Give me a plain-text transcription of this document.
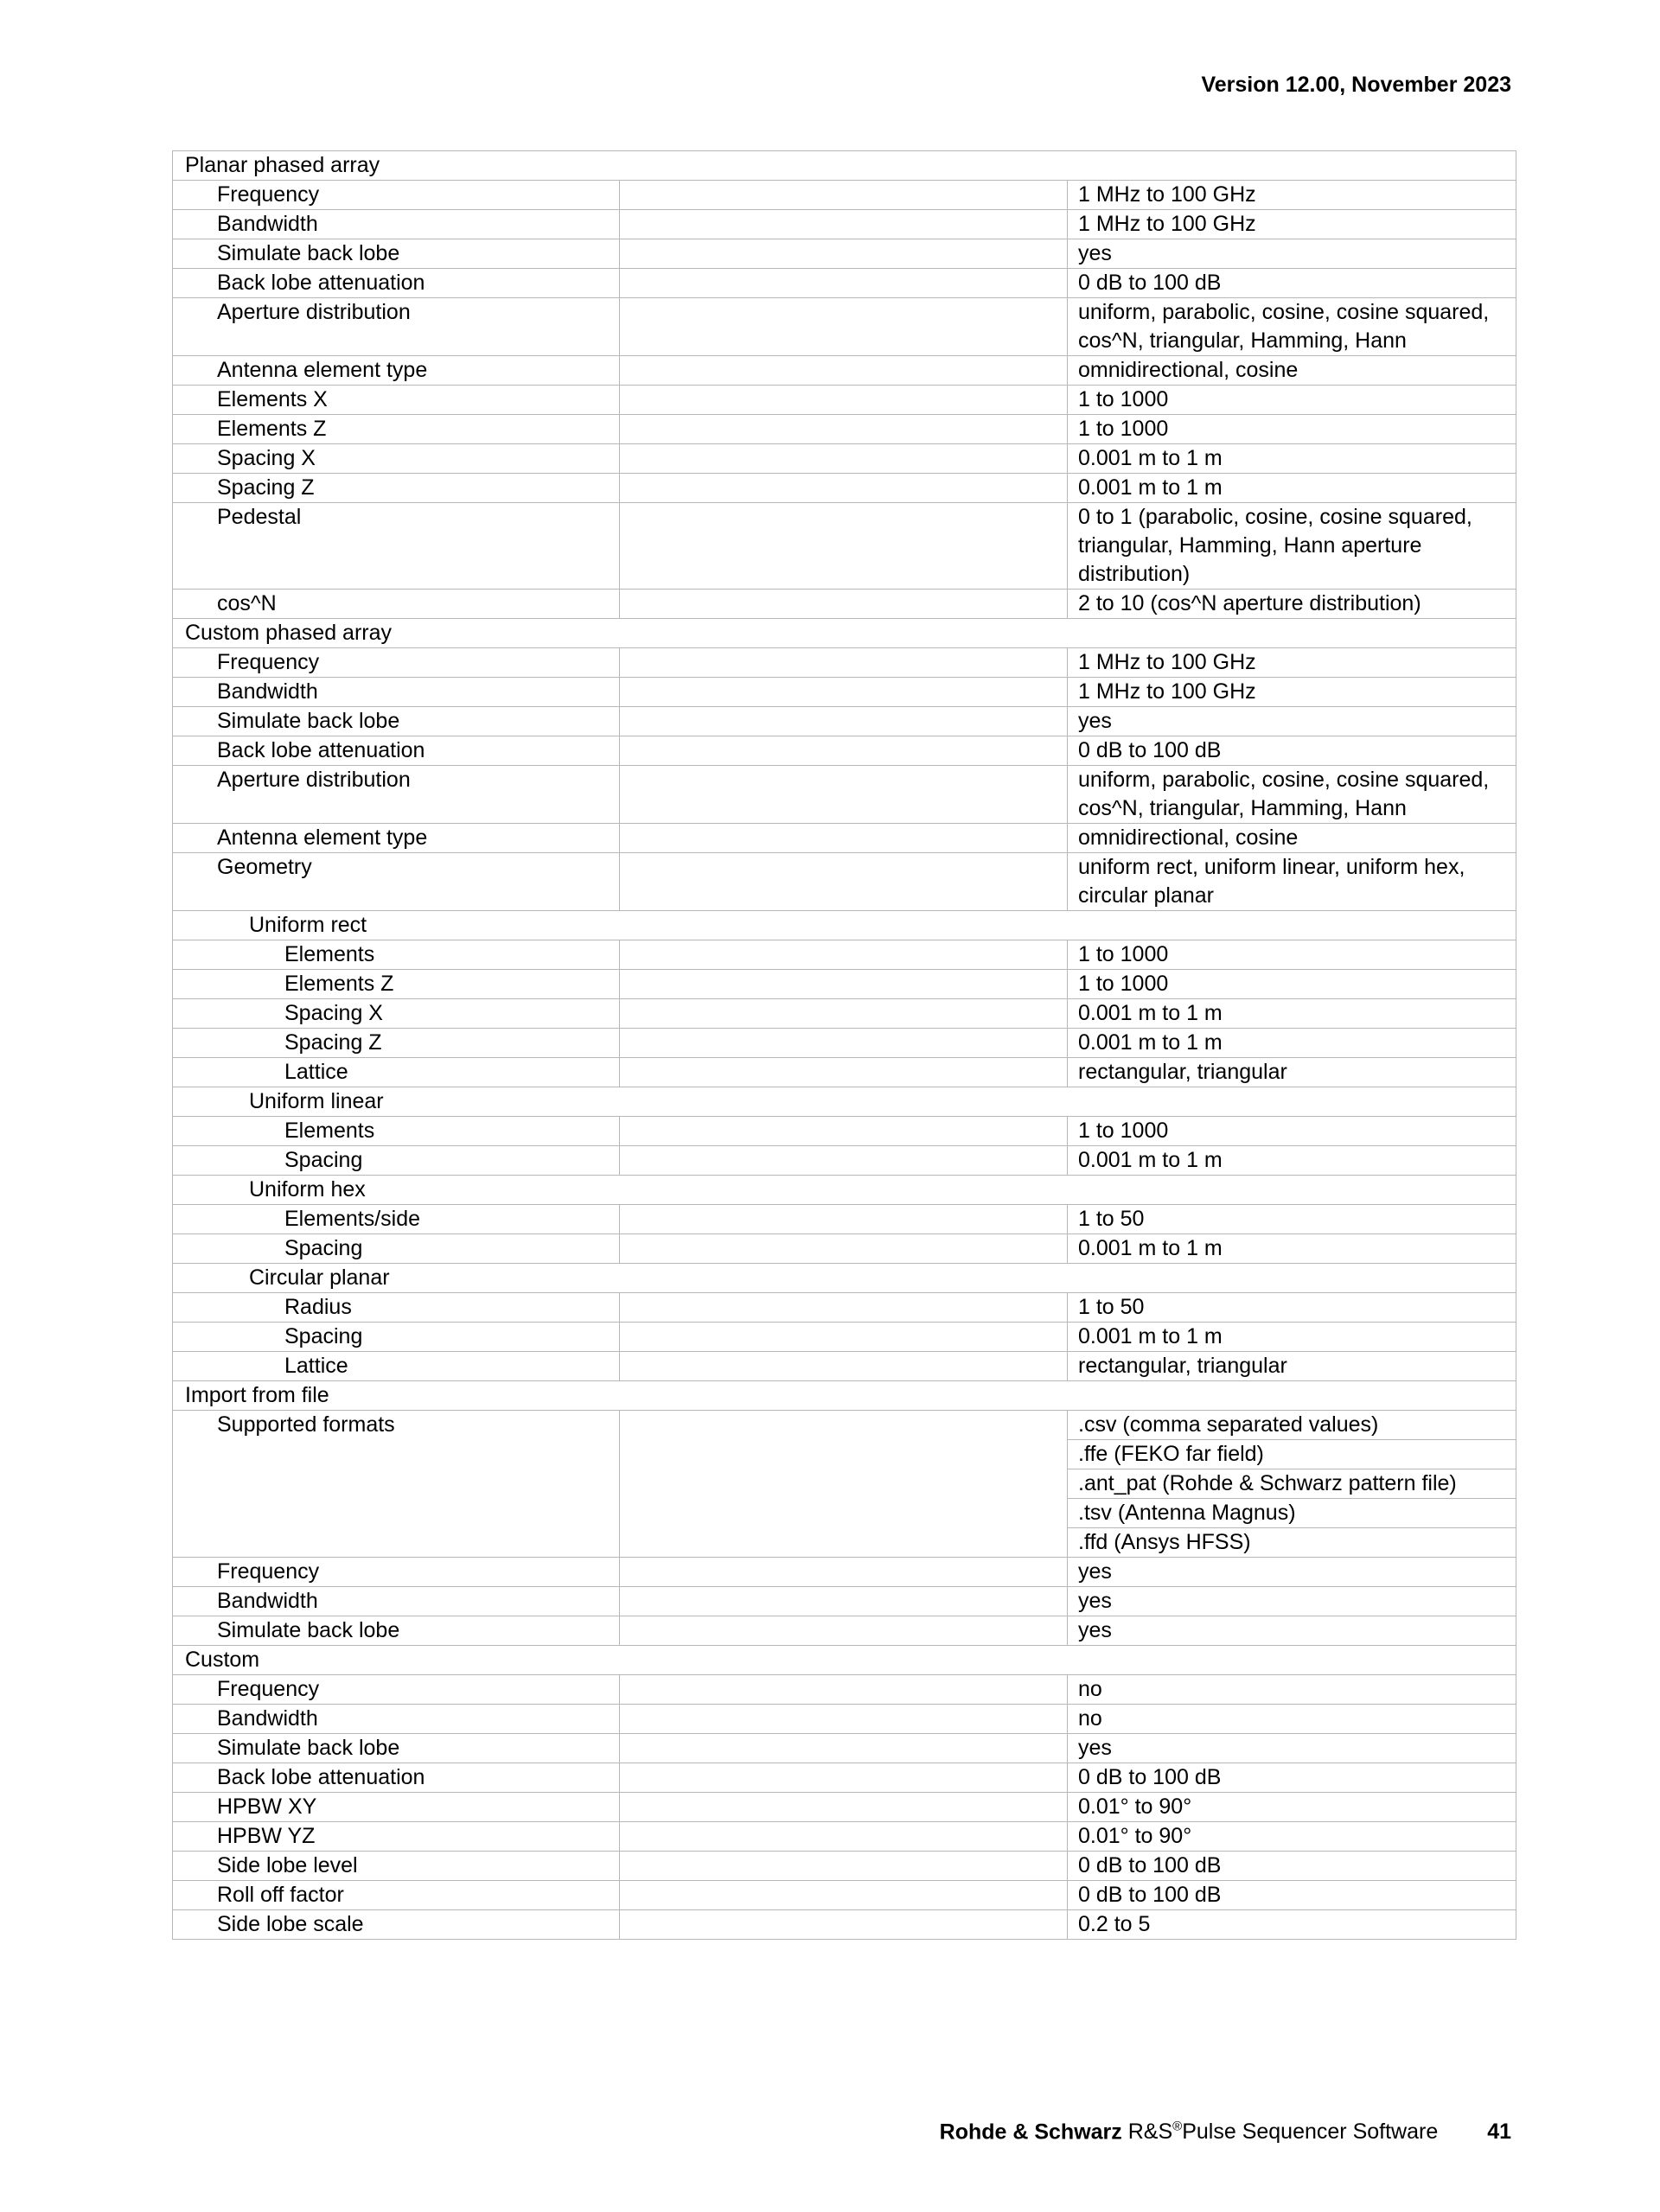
Version 12.00, November 2023
Planar phased array		
Frequency		1 MHz to 100 GHz
Bandwidth		1 MHz to 100 GHz
Simulate back lobe		yes
Back lobe attenuation		0 dB to 100 dB
Aperture distribution		uniform, parabolic, cosine, cosine squared, cos^N, triangular, Hamming, Hann
Antenna element type		omnidirectional, cosine
Elements X		1 to 1000
Elements Z		1 to 1000
Spacing X		0.001 m to 1 m
Spacing Z		0.001 m to 1 m
Pedestal		0 to 1 (parabolic, cosine, cosine squared, triangular, Hamming, Hann aperture distribution)
cos^N		2 to 10 (cos^N aperture distribution)
Custom phased array		
Frequency		1 MHz to 100 GHz
Bandwidth		1 MHz to 100 GHz
Simulate back lobe		yes
Back lobe attenuation		0 dB to 100 dB
Aperture distribution		uniform, parabolic, cosine, cosine squared, cos^N, triangular, Hamming, Hann
Antenna element type		omnidirectional, cosine
Geometry		uniform rect, uniform linear, uniform hex, circular planar
Uniform rect		
Elements		1 to 1000
Elements Z		1 to 1000
Spacing X		0.001 m to 1 m
Spacing Z		0.001 m to 1 m
Lattice		rectangular, triangular
Uniform linear		
Elements		1 to 1000
Spacing		0.001 m to 1 m
Uniform hex		
Elements/side		1 to 50
Spacing		0.001 m to 1 m
Circular planar		
Radius		1 to 50
Spacing		0.001 m to 1 m
Lattice		rectangular, triangular
Import from file		
Supported formats		.csv (comma separated values)
		.ffe (FEKO far field)
		.ant_pat (Rohde & Schwarz pattern file)
		.tsv (Antenna Magnus)
		.ffd (Ansys HFSS)
Frequency		yes
Bandwidth		yes
Simulate back lobe		yes
Custom		
Frequency		no
Bandwidth		no
Simulate back lobe		yes
Back lobe attenuation		0 dB to 100 dB
HPBW XY		0.01° to 90°
HPBW YZ		0.01° to 90°
Side lobe level		0 dB to 100 dB
Roll off factor		0 dB to 100 dB
Side lobe scale		0.2 to 5
Rohde & Schwarz R&S®Pulse Sequencer Software 41
